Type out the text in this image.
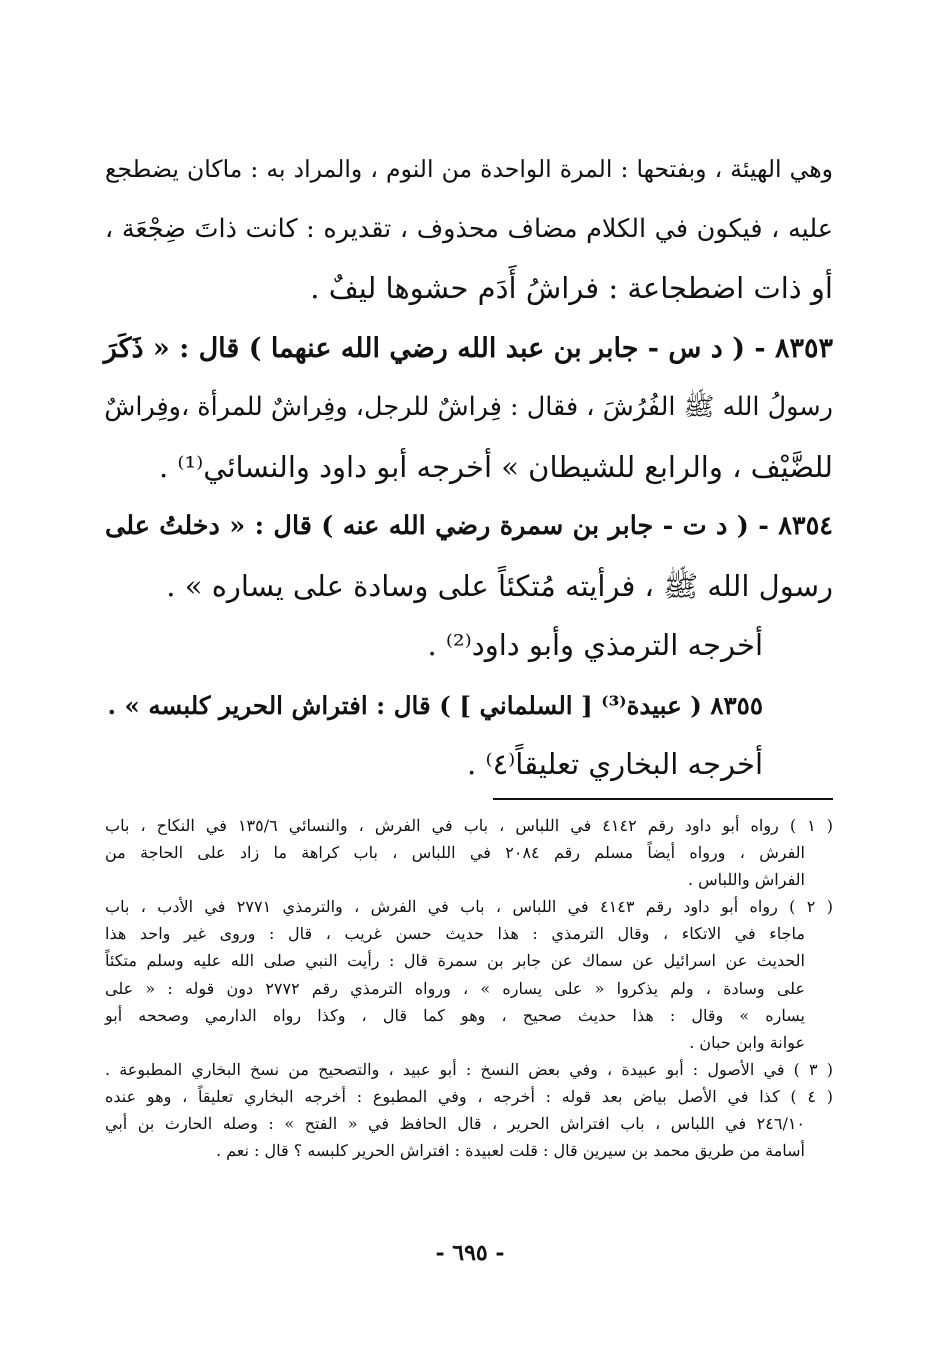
وهي الهيئة ، وبفتحها : المرة الواحدة من النوم ، والمراد به : ماكان يضطجع
عليه ، فيكون في الكلام مضاف محذوف ، تقديره : كانت ذاتَ ضِجْعَة ،
أو ذات اضطجاعة : فراشُ أَدَم حشوها ليفٌ .
٨٣٥٣ - ( د س - جابر بن عبد الله رضي الله عنهما ) قال : « ذَكَرَ
رسولُ الله ﷺ الفُرُشَ ، فقال : فِراشٌ للرجل، وفِراشٌ للمرأة ،وفِراشٌ
للضَّيْف ، والرابع للشيطان » أخرجه أبو داود والنسائي⁽¹⁾ .
٨٣٥٤ - ( د ت - جابر بن سمرة رضي الله عنه ) قال : « دخلتُ على
رسول الله ﷺ ، فرأيته مُتكئاً على وسادة على يساره » .
أخرجه الترمذي وأبو داود⁽²⁾ .
٨٣٥٥ ( عبيدة⁽³⁾ [ السلماني ] ) قال : افتراش الحرير كلبسه » .
أخرجه البخاري تعليقاً⁽٤⁾ .
( ١ ) رواه أبو داود رقم ٤١٤٢ في اللباس ، باب في الفرش ، والنسائي ١٣٥/٦ في النكاح ، باب
الفرش ، ورواه أيضاً مسلم رقم ٢٠٨٤ في اللباس ، باب كراهة ما زاد على الحاجة من
الفراش واللباس .
( ٢ ) رواه أبو داود رقم ٤١٤٣ في اللباس ، باب في الفرش ، والترمذي ٢٧٧١ في الأدب ، باب
ماجاء في الاتكاء ، وقال الترمذي : هذا حديث حسن غريب ، قال : وروى غير واحد هذا
الحديث عن اسرائيل عن سماك عن جابر بن سمرة قال : رأيت النبي صلى الله عليه وسلم متكئاً
على وسادة ، ولم يذكروا « على يساره » ، ورواه الترمذي رقم ٢٧٧٢ دون قوله : « على
يساره » وقال : هذا حديث صحيح ، وهو كما قال ، وكذا رواه الدارمي وصححه أبو
عوانة وابن حبان .
( ٣ ) في الأصول : أبو عبيدة ، وفي بعض النسخ : أبو عبيد ، والتصحيح من نسخ البخاري المطبوعة .
( ٤ ) كذا في الأصل بياض بعد قوله : أخرجه ، وفي المطبوع : أخرجه البخاري تعليقاً ، وهو عنده
٢٤٦/١٠ في اللباس ، باب افتراش الحرير ، قال الحافظ في « الفتح » : وصله الحارث بن أبي
أسامة من طريق محمد بن سيرين قال : قلت لعبيدة : افتراش الحرير كلبسه ؟ قال : نعم .
- ٦٩٥ -
